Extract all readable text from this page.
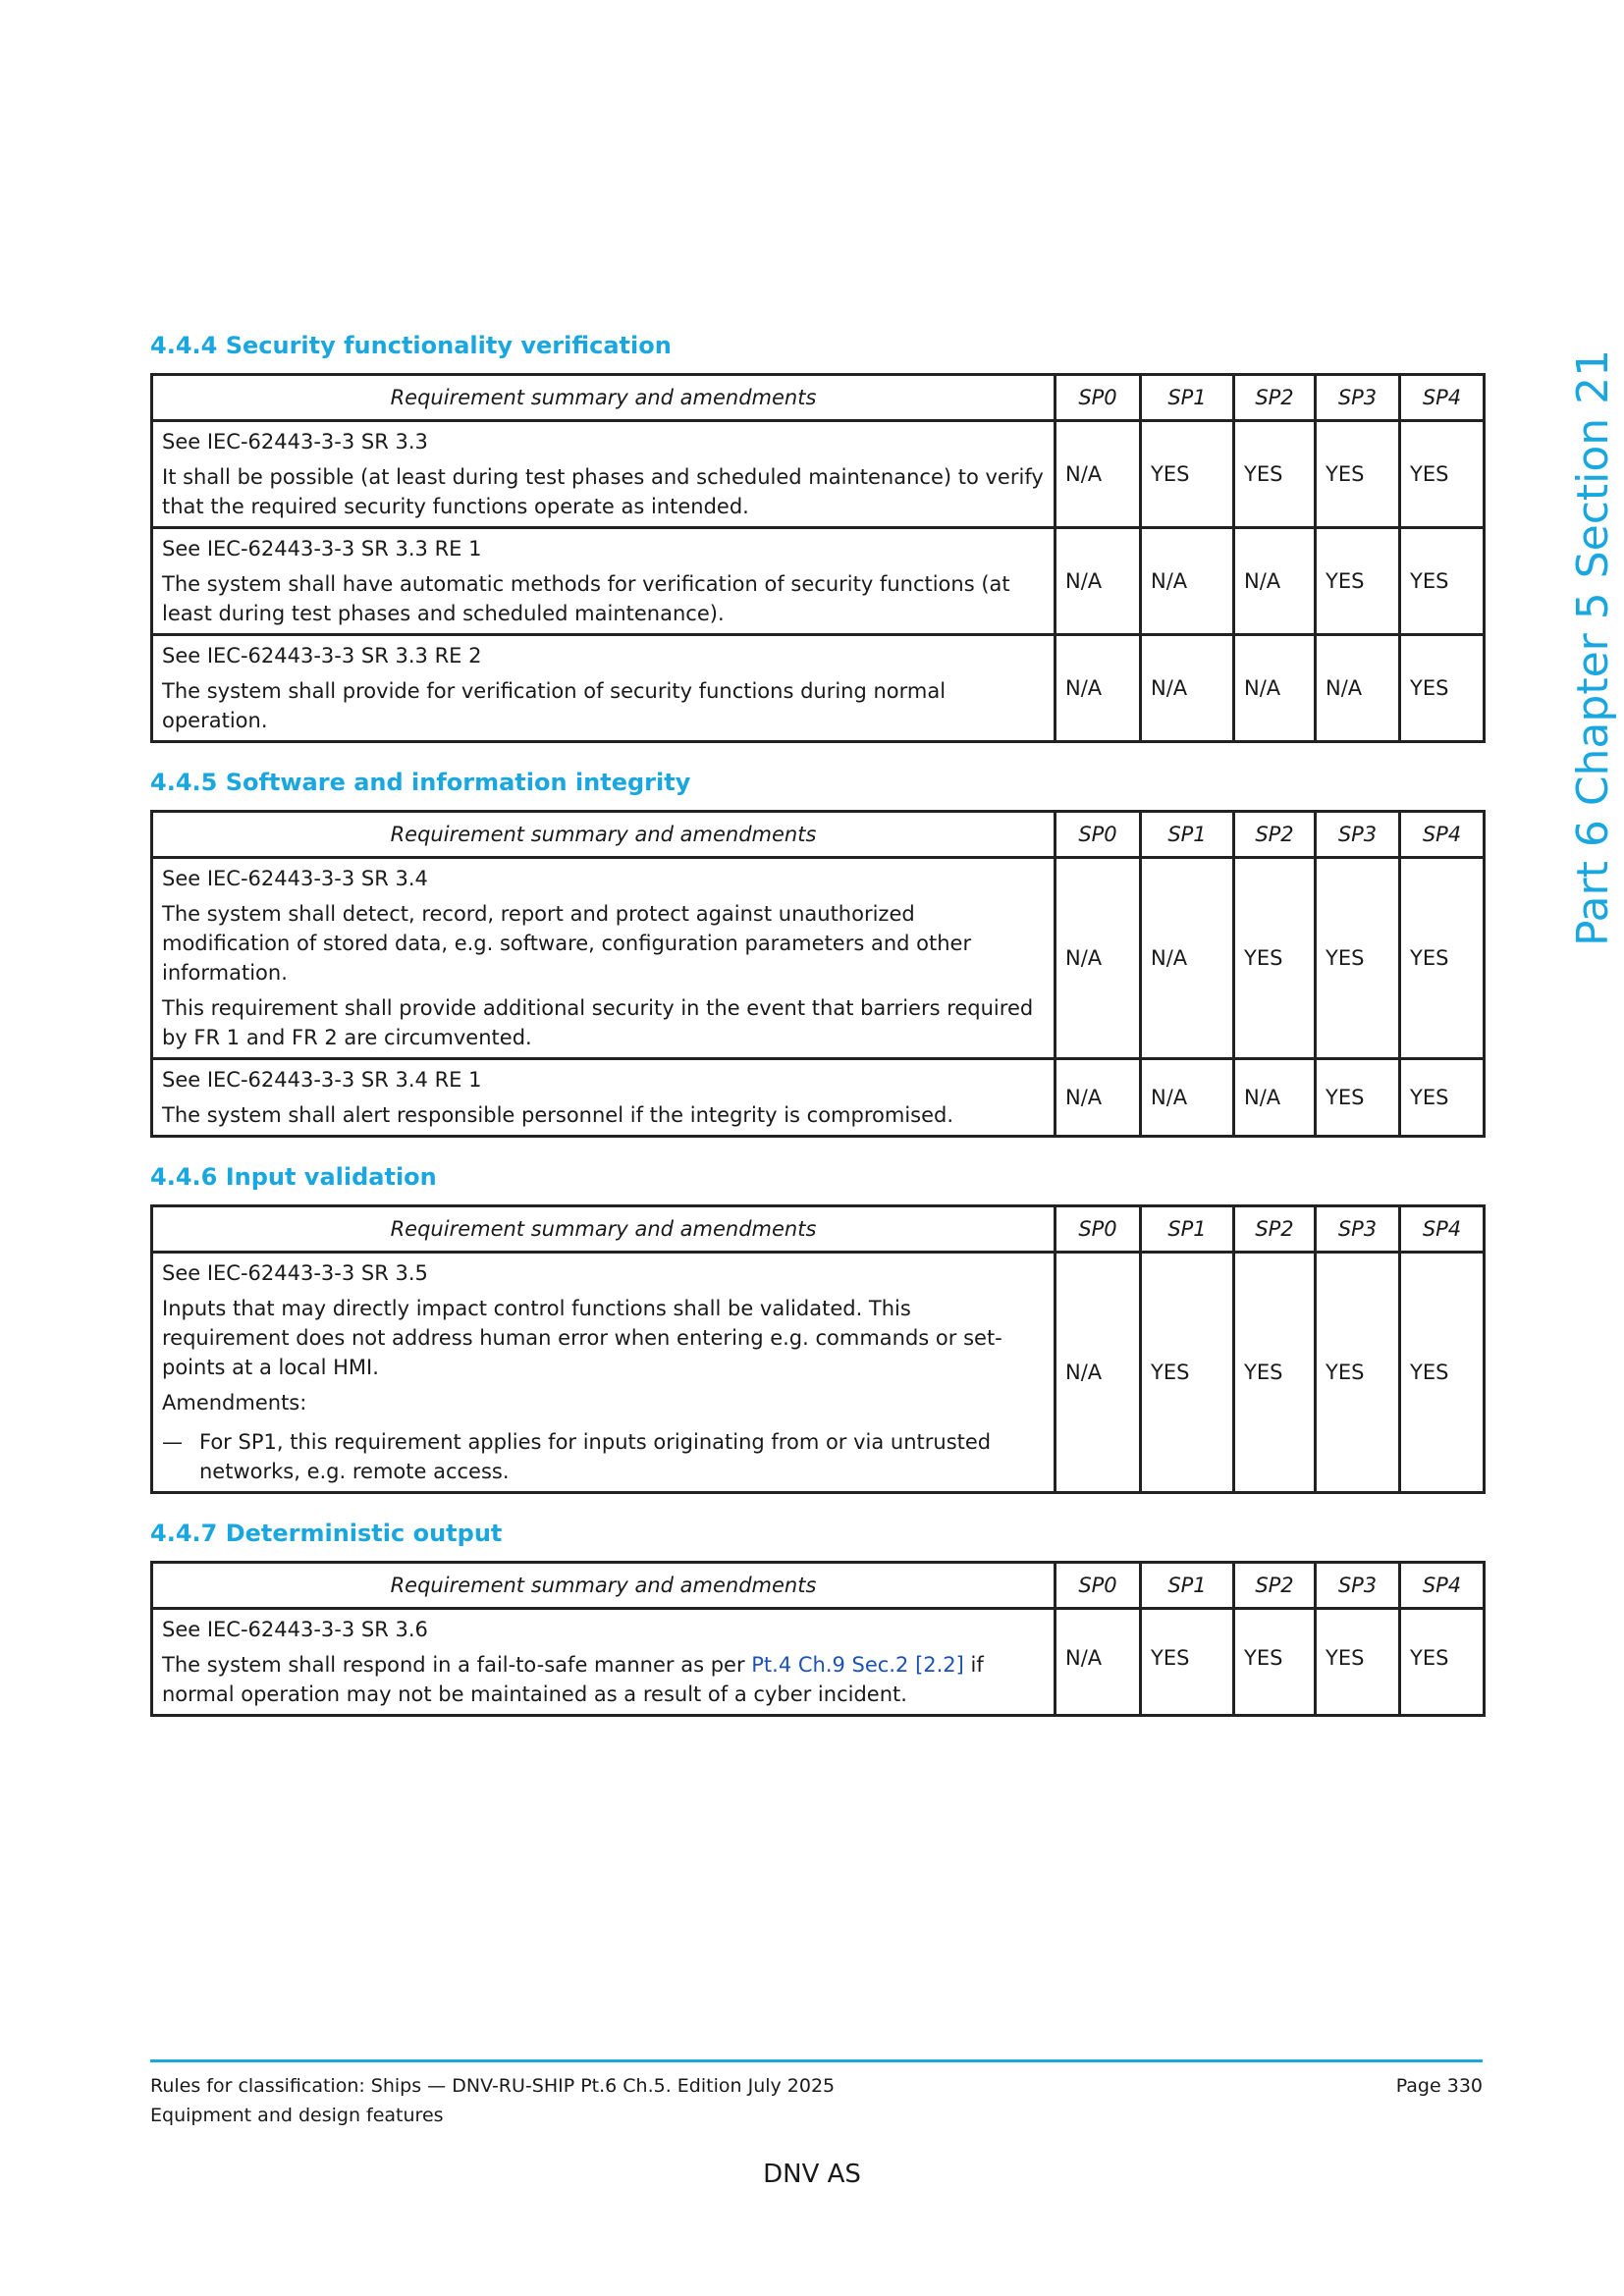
Part 6 Chapter 5 Section 21
4.4.4 Security functionality verification
Requirement summary and amendments	SP0	SP1	SP2	SP3	SP4

See IEC-62443-3-3 SR 3.3

It shall be possible (at least during test phases and scheduled maintenance) to verify that the required security functions operate as intended.	N/A	YES	YES	YES	YES

See IEC-62443-3-3 SR 3.3 RE 1

The system shall have automatic methods for verification of security functions (at least during test phases and scheduled maintenance).	N/A	N/A	N/A	YES	YES

See IEC-62443-3-3 SR 3.3 RE 2

The system shall provide for verification of security functions during normal operation.	N/A	N/A	N/A	N/A	YES
4.4.5 Software and information integrity
Requirement summary and amendments	SP0	SP1	SP2	SP3	SP4

See IEC-62443-3-3 SR 3.4

The system shall detect, record, report and protect against unauthorized modification of stored data, e.g. software, configuration parameters and other information.

This requirement shall provide additional security in the event that barriers required by FR 1 and FR 2 are circumvented.	N/A	N/A	YES	YES	YES

See IEC-62443-3-3 SR 3.4 RE 1

The system shall alert responsible personnel if the integrity is compromised.	N/A	N/A	N/A	YES	YES
4.4.6 Input validation
Requirement summary and amendments	SP0	SP1	SP2	SP3	SP4

See IEC-62443-3-3 SR 3.5

Inputs that may directly impact control functions shall be validated. This requirement does not address human error when entering e.g. commands or set-points at a local HMI.

Amendments:

— For SP1, this requirement applies for inputs originating from or via untrusted networks, e.g. remote access.	N/A	YES	YES	YES	YES
4.4.7 Deterministic output
Requirement summary and amendments	SP0	SP1	SP2	SP3	SP4

See IEC-62443-3-3 SR 3.6

The system shall respond in a fail-to-safe manner as per Pt.4 Ch.9 Sec.2 [2.2] if normal operation may not be maintained as a result of a cyber incident.	N/A	YES	YES	YES	YES
Rules for classification: Ships — DNV-RU-SHIP Pt.6 Ch.5. Edition July 2025
Equipment and design features
Page 330
DNV AS
